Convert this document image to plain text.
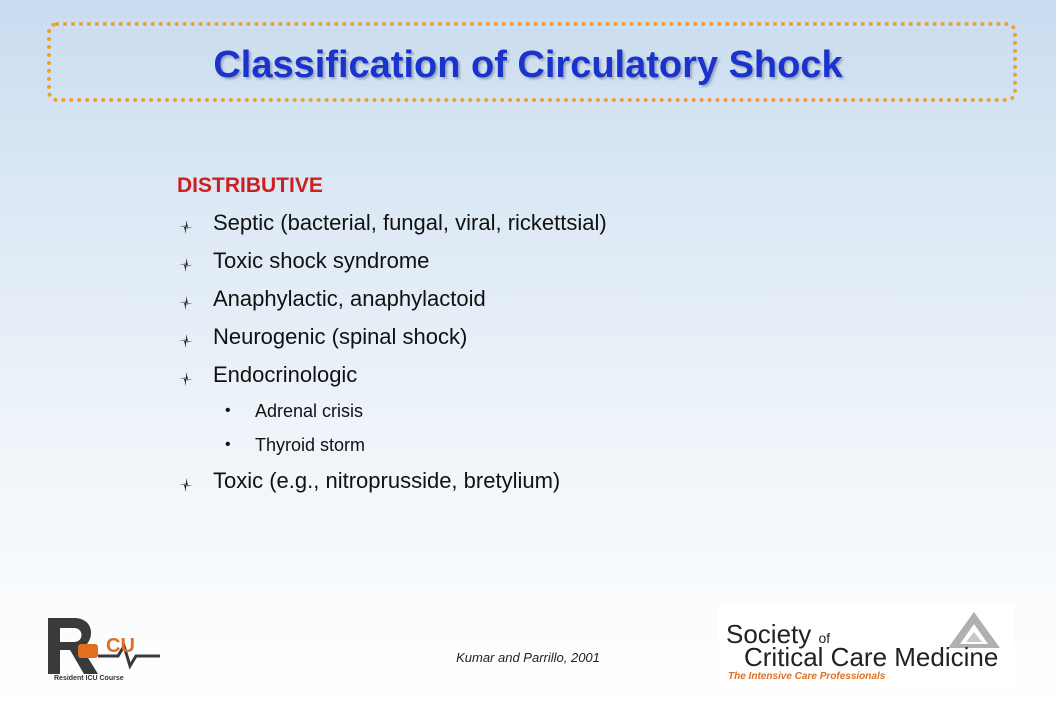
Classification of Circulatory Shock
DISTRIBUTIVE
Septic (bacterial, fungal, viral, rickettsial)
Toxic shock syndrome
Anaphylactic, anaphylactoid
Neurogenic (spinal shock)
Endocrinologic
• Adrenal crisis
• Thyroid storm
Toxic (e.g., nitroprusside, bretylium)
Kumar and Parrillo, 2001
CU
Resident ICU Course
Society of
Critical Care Medicine
The Intensive Care Professionals
